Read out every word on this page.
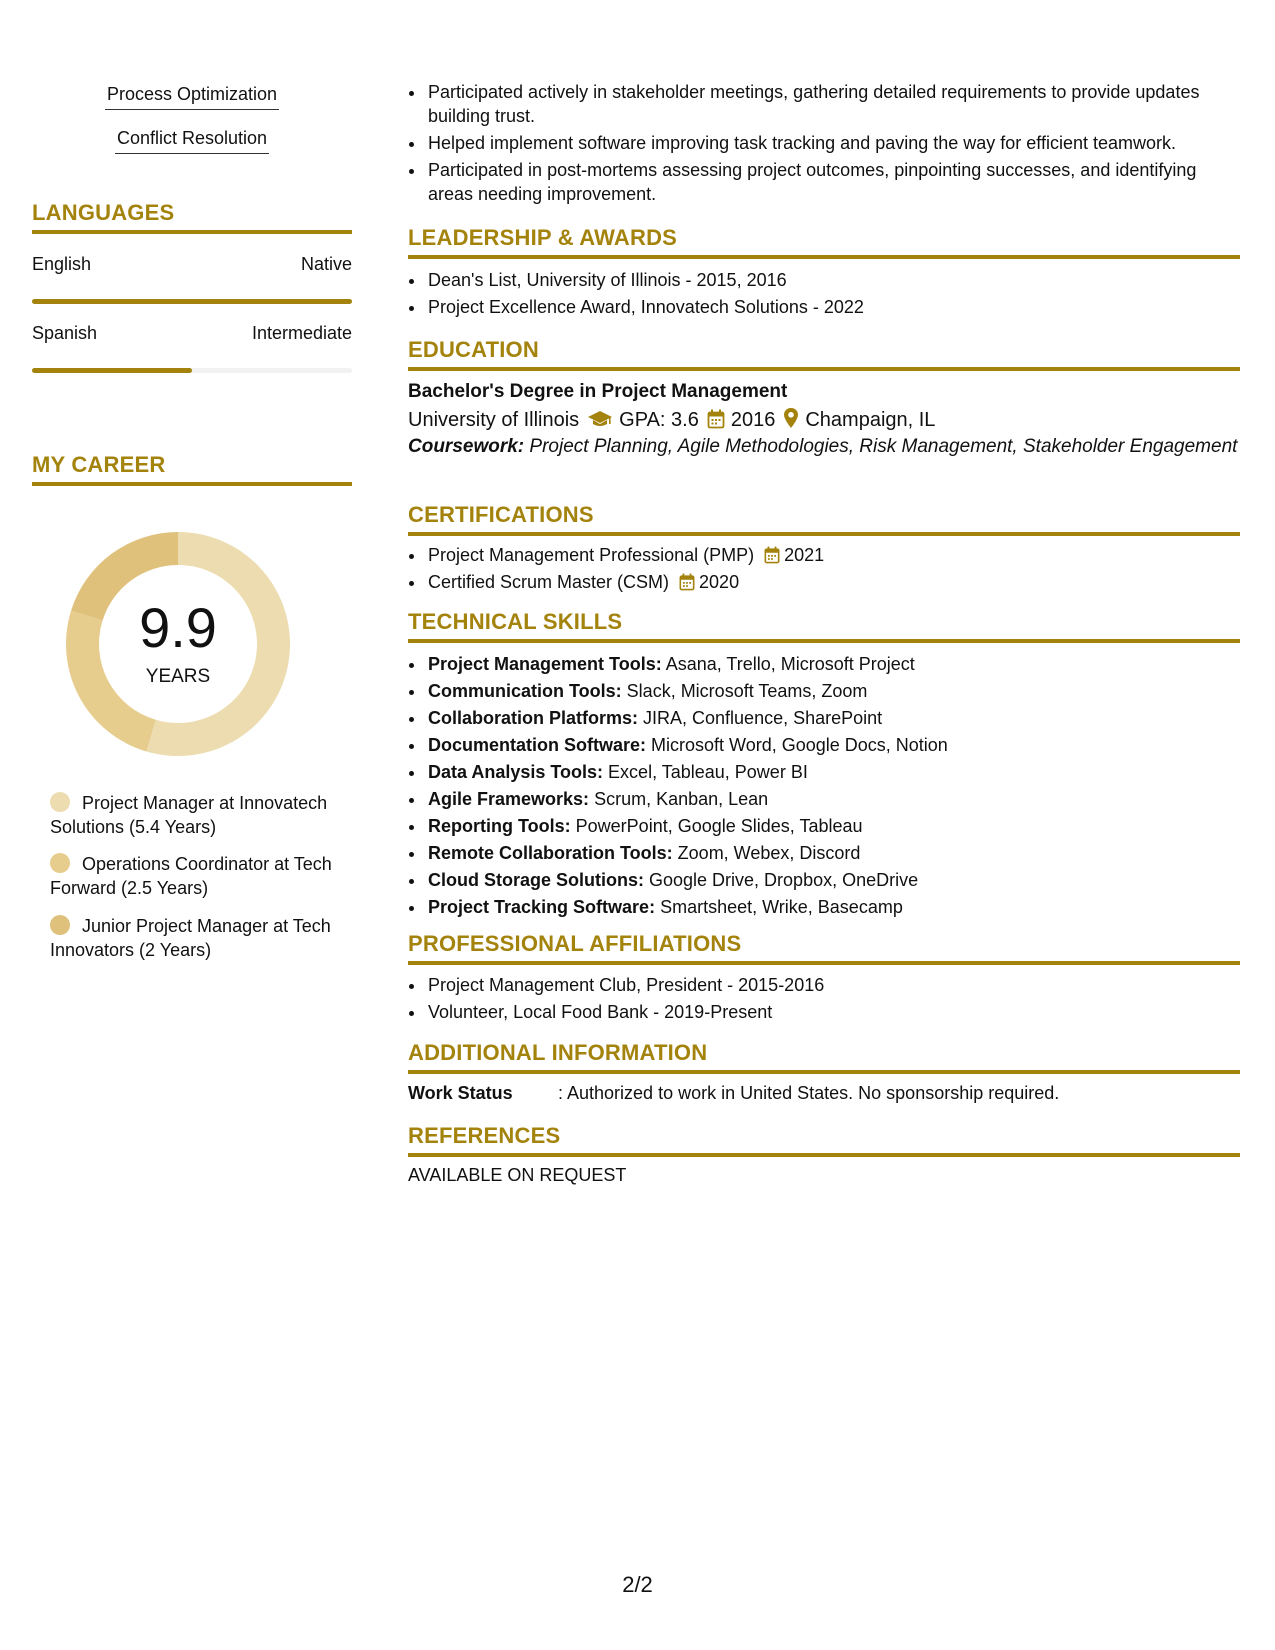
Process Optimization
Conflict Resolution
LANGUAGES
English	Native
Spanish	Intermediate
MY CAREER
9.9
YEARS
Project Manager at Innovatech Solutions (5.4 Years)
Operations Coordinator at Tech Forward (2.5 Years)
Junior Project Manager at Tech Innovators (2 Years)
• Participated actively in stakeholder meetings, gathering detailed requirements to provide updates building trust.
• Helped implement software improving task tracking and paving the way for efficient teamwork.
• Participated in post-mortems assessing project outcomes, pinpointing successes, and identifying areas needing improvement.
LEADERSHIP & AWARDS
• Dean's List, University of Illinois - 2015, 2016
• Project Excellence Award, Innovatech Solutions - 2022
EDUCATION
Bachelor's Degree in Project Management
University of Illinois GPA: 3.6 2016 Champaign, IL
Coursework: Project Planning, Agile Methodologies, Risk Management, Stakeholder Engagement
CERTIFICATIONS
• Project Management Professional (PMP) 2021
• Certified Scrum Master (CSM) 2020
TECHNICAL SKILLS
• Project Management Tools: Asana, Trello, Microsoft Project
• Communication Tools: Slack, Microsoft Teams, Zoom
• Collaboration Platforms: JIRA, Confluence, SharePoint
• Documentation Software: Microsoft Word, Google Docs, Notion
• Data Analysis Tools: Excel, Tableau, Power BI
• Agile Frameworks: Scrum, Kanban, Lean
• Reporting Tools: PowerPoint, Google Slides, Tableau
• Remote Collaboration Tools: Zoom, Webex, Discord
• Cloud Storage Solutions: Google Drive, Dropbox, OneDrive
• Project Tracking Software: Smartsheet, Wrike, Basecamp
PROFESSIONAL AFFILIATIONS
• Project Management Club, President - 2015-2016
• Volunteer, Local Food Bank - 2019-Present
ADDITIONAL INFORMATION
Work Status	: Authorized to work in United States. No sponsorship required.
REFERENCES
AVAILABLE ON REQUEST
2/2
